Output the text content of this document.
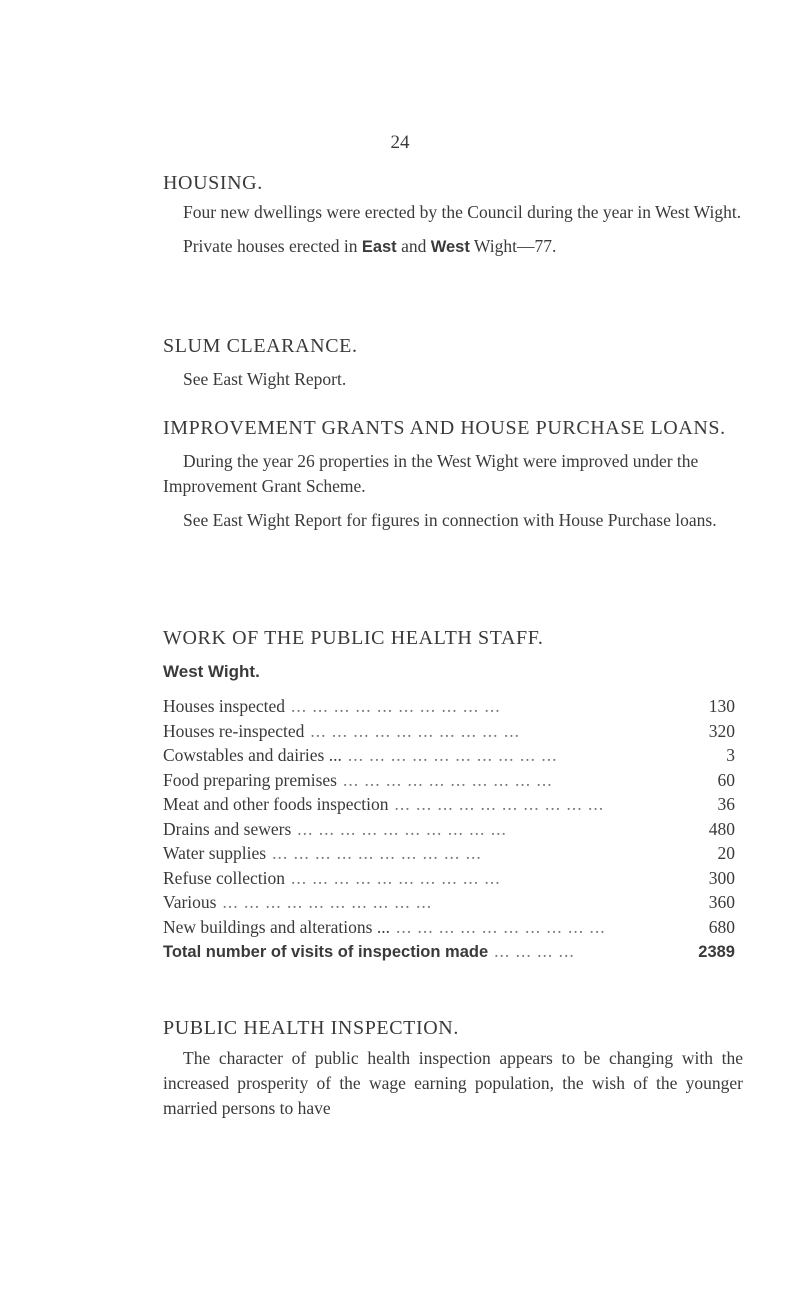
24
HOUSING.
Four new dwellings were erected by the Council during the year in West Wight.
Private houses erected in East and West Wight—77.
SLUM CLEARANCE.
See East Wight Report.
IMPROVEMENT GRANTS AND HOUSE PURCHASE LOANS.
During the year 26 properties in the West Wight were improved under the Improvement Grant Scheme.
See East Wight Report for figures in connection with House Purchase loans.
WORK OF THE PUBLIC HEALTH STAFF.
West Wight.
Houses inspected ... ... ... ... ... ... ... ... ... ...	130
Houses re-inspected ... ... ... ... ... ... ... ... ... ...	320
Cowstables and dairies ... ... ... ... ... ... ... ... ... ... ...	3
Food preparing premises ... ... ... ... ... ... ... ... ... ...	60
Meat and other foods inspection ... ... ... ... ... ... ... ... ... ...	36
Drains and sewers ... ... ... ... ... ... ... ... ... ...	480
Water supplies ... ... ... ... ... ... ... ... ... ...	20
Refuse collection ... ... ... ... ... ... ... ... ... ...	300
Various ... ... ... ... ... ... ... ... ... ...	360
New buildings and alterations ... ... ... ... ... ... ... ... ... ... ...	680
Total number of visits of inspection made ... ... ... ...	2389
PUBLIC HEALTH INSPECTION.
The character of public health inspection appears to be changing with the increased prosperity of the wage earning population, the wish of the younger married persons to have
